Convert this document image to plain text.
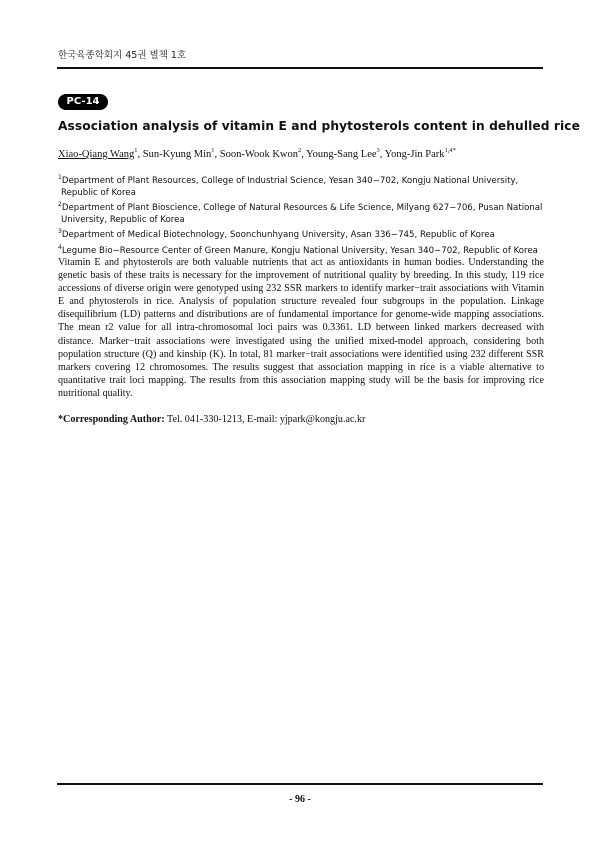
한국육종학회지 45권 별책 1호
PC-14
Association analysis of vitamin E and phytosterols content in dehulled rice
Xiao-Qiang Wang$^1$, Sun-Kyung Min$^1$, Soon-Wook Kwon$^2$, Young-Sang Lee$^3$, Yong-Jin Park$^{1,4*}$

$^1$Department of Plant Resources, College of Industrial Science, Yesan 340−702, Kongju National University, Republic of Korea

$^2$Department of Plant Bioscience, College of Natural Resources & Life Science, Milyang 627−706, Pusan National University, Republic of Korea

$^3$Department of Medical Biotechnology, Soonchunhyang University, Asan 336−745, Republic of Korea

$^4$Legume Bio−Resource Center of Green Manure, Kongju National University, Yesan 340−702, Republic of Korea

Vitamin E and phytosterols are both valuable nutrients that act as antioxidants in human bodies. Understanding the genetic basis of these traits is necessary for the improvement of nutritional quality by breeding. In this study, 119 rice accessions of diverse origin were genotyped using 232 SSR markers to identify marker−trait associations with Vitamin E and phytosterols in rice. Analysis of population structure revealed four subgroups in the population. Linkage disequilibrium (LD) patterns and distributions are of fundamental importance for genome-wide mapping associations. The mean r2 value for all intra-chromosomal loci pairs was 0.3361. LD between linked markers decreased with distance. Marker−trait associations were investigated using the unified mixed-model approach, considering both population structure (Q) and kinship (K). In total, 81 marker−trait associations were identified using 232 different SSR markers covering 12 chromosomes. The results suggest that association mapping in rice is a viable alternative to quantitative trait loci mapping. The results from this association mapping study will be the basis for improving rice nutritional quality.

*Corresponding Author: Tel. 041-330-1213, E-mail: yjpark@kongju.ac.kr
- 96 -
